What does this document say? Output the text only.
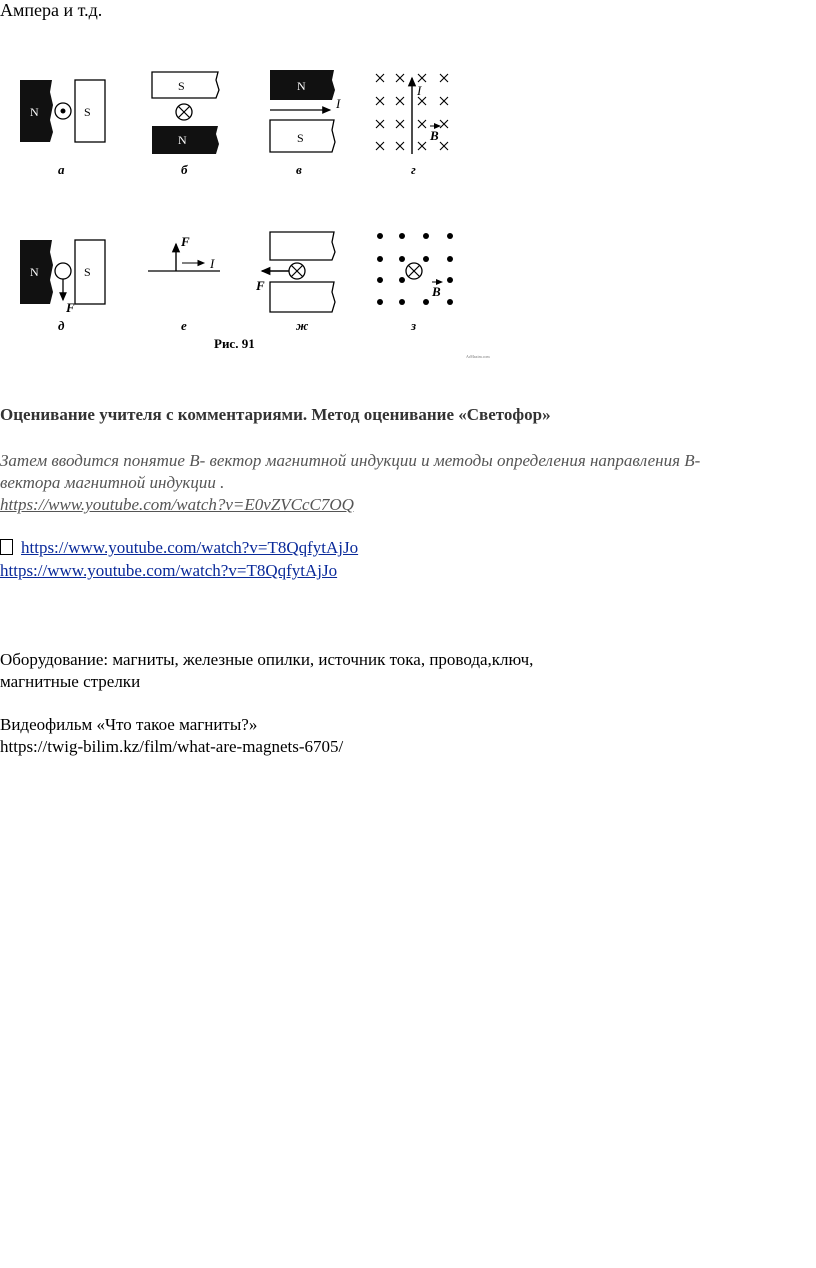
Ампера и т.д.
N	S
а
S
N
б
N
I
S
в
I
B
г
N
F
S
д
F
I
е
F
ж
B
з
Рис. 91
ArMaxim.com
Оценивание учителя с комментариями. Метод оценивание «Светофор»
Затем вводится понятие B- вектор магнитной индукции и методы определения направления В-
вектора магнитной индукции .
https://www.youtube.com/watch?v=E0vZVCcC7OQ
https://www.youtube.com/watch?v=T8QqfytAjJo
https://www.youtube.com/watch?v=T8QqfytAjJo
Оборудование: магниты, железные опилки, источник тока, провода,ключ,
магнитные стрелки
Видеофильм «Что такое магниты?»
https://twig-bilim.kz/film/what-are-magnets-6705/
